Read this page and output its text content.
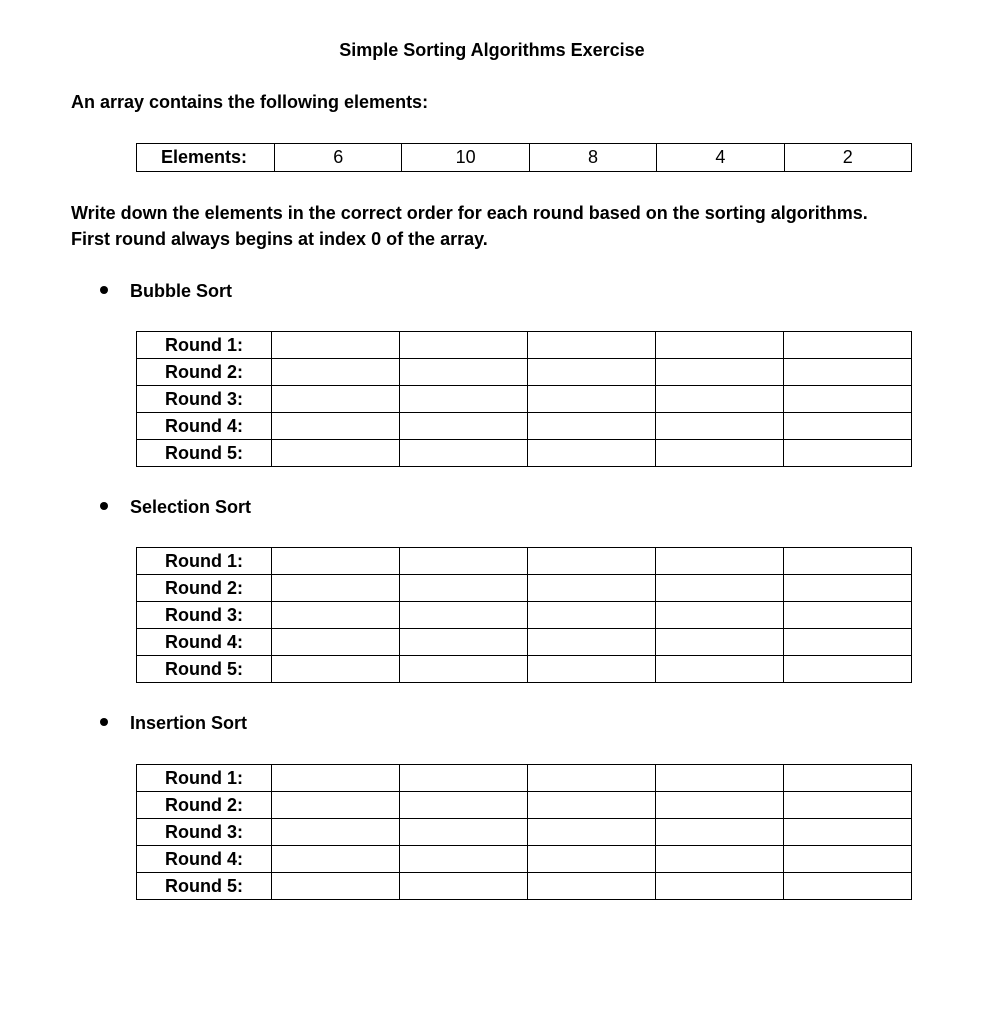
Simple Sorting Algorithms Exercise
An array contains the following elements:
Elements:	6	10	8	4	2
Write down the elements in the correct order for each round based on the sorting algorithms.
First round always begins at index 0 of the array.
Bubble Sort
Round 1:					
Round 2:					
Round 3:					
Round 4:					
Round 5:					
Selection Sort
Round 1:					
Round 2:					
Round 3:					
Round 4:					
Round 5:					
Insertion Sort
Round 1:					
Round 2:					
Round 3:					
Round 4:					
Round 5:					
